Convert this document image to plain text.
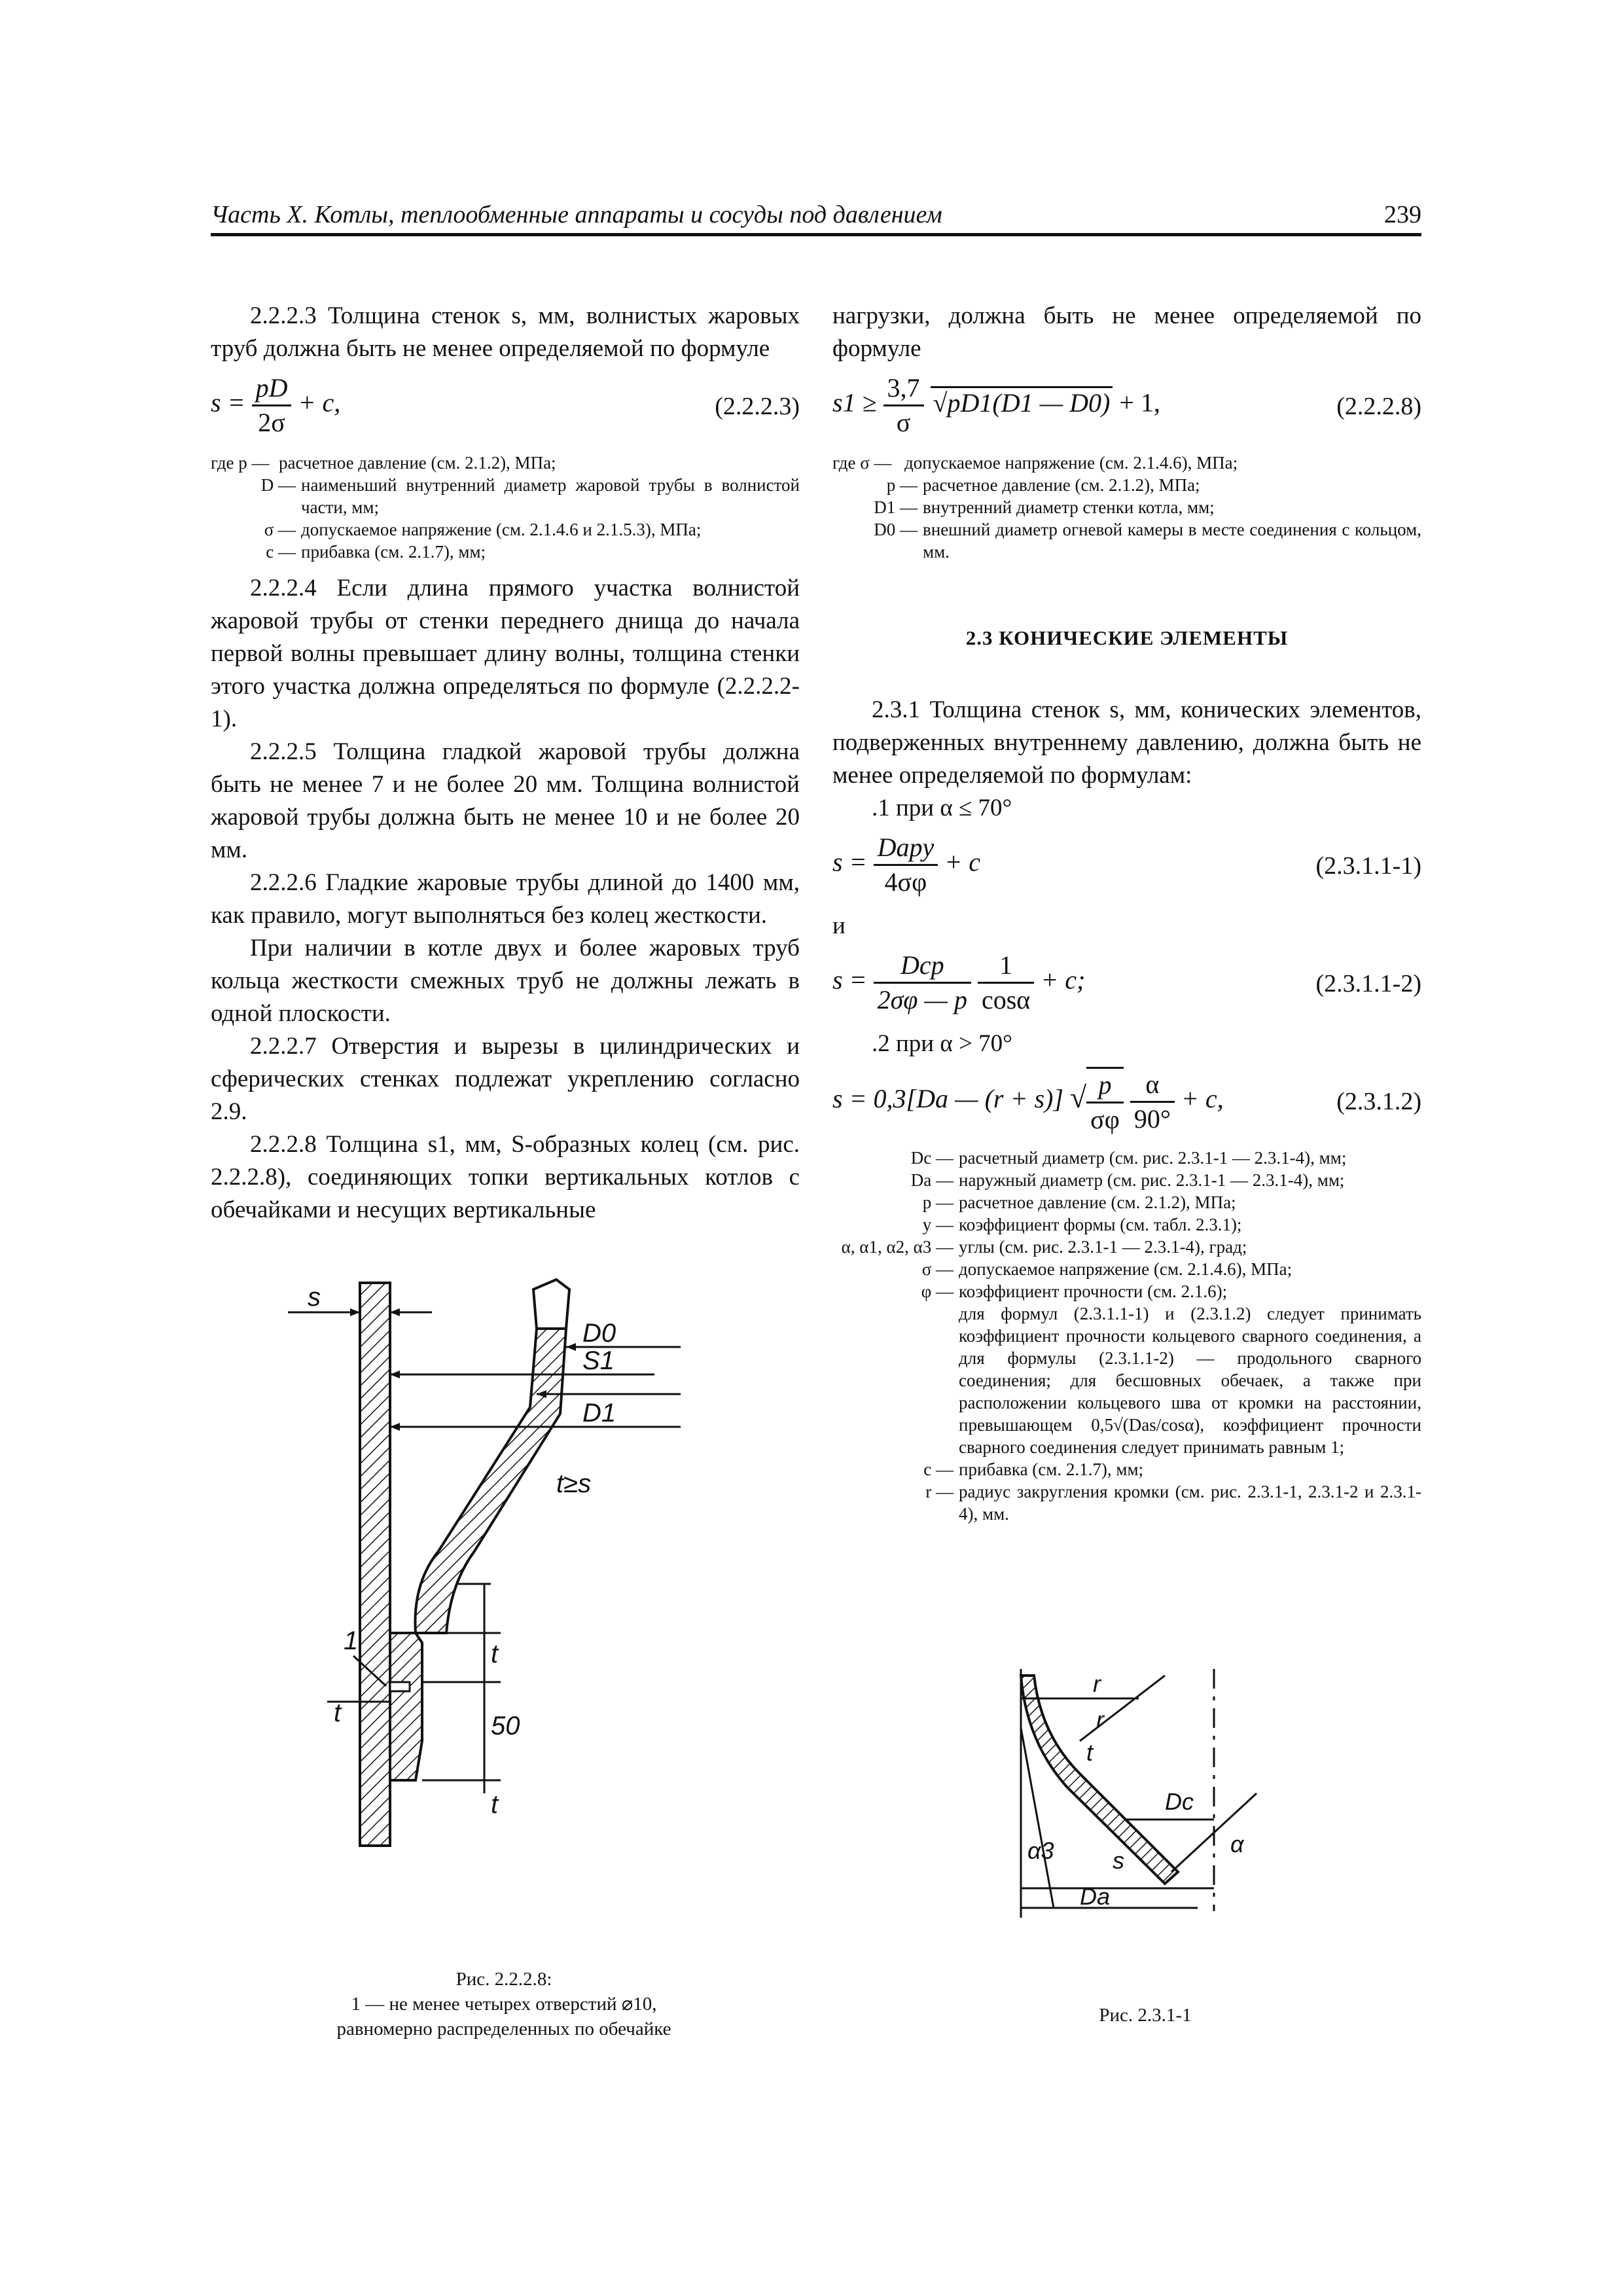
Часть X. Котлы, теплообменные аппараты и сосуды под давлением	239

2.2.2.3 Толщина стенок s, мм, волнистых жаровых труб должна быть не менее определяемой по формуле

$s = \frac{pD}{2\sigma} + c$,	(2.2.2.3)
где p — расчетное давление (см. 2.1.2), МПа;
D — наименьший внутренний диаметр жаровой трубы в волнистой части, мм;
σ — допускаемое напряжение (см. 2.1.4.6 и 2.1.5.3), МПа;
c — прибавка (см. 2.1.7), мм;

2.2.2.4 Если длина прямого участка волнистой жаровой трубы от стенки переднего днища до начала первой волны превышает длину волны, толщина стенки этого участка должна определяться по формуле (2.2.2.2-1).

2.2.2.5 Толщина гладкой жаровой трубы должна быть не менее 7 и не более 20 мм. Толщина волнистой жаровой трубы должна быть не менее 10 и не более 20 мм.

2.2.2.6 Гладкие жаровые трубы длиной до 1400 мм, как правило, могут выполняться без колец жесткости.

При наличии в котле двух и более жаровых труб кольца жесткости смежных труб не должны лежать в одной плоскости.

2.2.2.7 Отверстия и вырезы в цилиндрических и сферических стенках подлежат укреплению согласно 2.9.

2.2.2.8 Толщина s1, мм, S-образных колец (см. рис. 2.2.2.8), соединяющих топки вертикальных котлов с обечайками и несущих вертикальные

s
D0
S1
D1
t≥s
t
50
t
1
t
Рис. 2.2.2.8:
1 — не менее четырех отверстий ⌀10,
равномерно распределенных по обечайке

нагрузки, должна быть не менее определяемой по формуле

$s1 \ge \frac{3,7}{\sigma} √pD1(D1$ — D0) + 1,	(2.2.2.8)
где σ — допускаемое напряжение (см. 2.1.4.6), МПа;
p — расчетное давление (см. 2.1.2), МПа;
D1 — внутренний диаметр стенки котла, мм;
D0 — внешний диаметр огневой камеры в месте соединения с кольцом, мм.
2.3 КОНИЧЕСКИЕ ЭЛЕМЕНТЫ

2.3.1 Толщина стенок s, мм, конических элементов, подверженных внутреннему давлению, должна быть не менее определяемой по формулам:

.1 при α ≤ 70°

$s = \frac{\text{Dapy}}{4\sigma\varphi} + c$	(2.3.1.1-1)

и

$s = \frac{\text{Dcp}}{2\sigma\varphi — p}$
$\frac{1}{\cos\alpha} + c$;	(2.3.1.1-2)

.2 при α > 70°

s = 0,3[Da — (r + s)] √ $\frac{p}{\sigma\varphi}$
$\frac{\alpha}{90^\circ} + c$,	(2.3.1.2)
Dc — расчетный диаметр (см. рис. 2.3.1-1 — 2.3.1-4), мм;
Da — наружный диаметр (см. рис. 2.3.1-1 — 2.3.1-4), мм;
p — расчетное давление (см. 2.1.2), МПа;
y — коэффициент формы (см. табл. 2.3.1);
α, α1, α2, α3 — углы (см. рис. 2.3.1-1 — 2.3.1-4), град;
σ — допускаемое напряжение (см. 2.1.4.6), МПа;
φ — коэффициент прочности (см. 2.1.6);
для формул (2.3.1.1-1) и (2.3.1.2) следует принимать коэффициент прочности кольцевого сварного соединения, а для формулы (2.3.1.1-2) — продольного сварного соединения; для бесшовных обечаек, а также при расположении кольцевого шва от кромки на расстоянии, превышающем 0,5√(Das/cosα), коэффициент прочности сварного соединения следует принимать равным 1;
c — прибавка (см. 2.1.7), мм;
r — радиус закругления кромки (см. рис. 2.3.1-1, 2.3.1-2 и 2.3.1-4), мм.
r
r
t
Dc
α3 s
α
Da
Рис. 2.3.1-1
